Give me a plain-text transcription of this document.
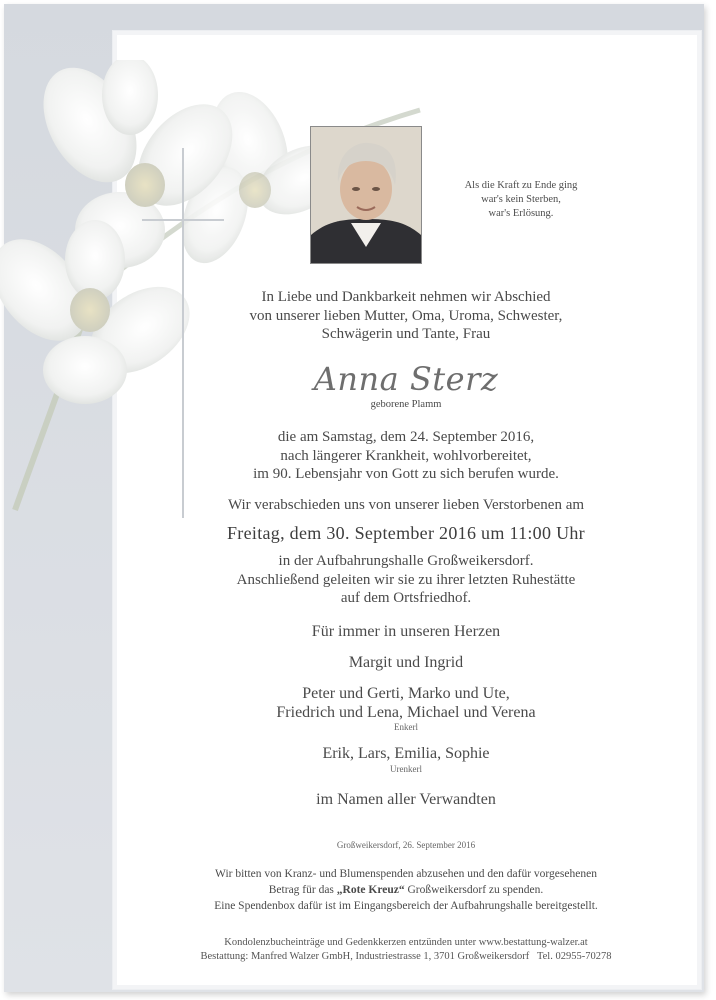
Als die Kraft zu Ende ging
war's kein Sterben,
war's Erlösung.

In Liebe und Dankbarkeit nehmen wir Abschied

von unserer lieben Mutter, Oma, Uroma, Schwester,

Schwägerin und Tante, Frau

Anna Sterz

geborene Plamm

die am Samstag, dem 24. September 2016,

nach längerer Krankheit, wohlvorbereitet,

im 90. Lebensjahr von Gott zu sich berufen wurde.

Wir verabschieden uns von unserer lieben Verstorbenen am

Freitag, dem 30. September 2016 um 11:00 Uhr

in der Aufbahrungshalle Großweikersdorf.

Anschließend geleiten wir sie zu ihrer letzten Ruhestätte

auf dem Ortsfriedhof.

Für immer in unseren Herzen

Margit und Ingrid

Peter und Gerti, Marko und Ute,

Friedrich und Lena, Michael und Verena

Enkerl

Erik, Lars, Emilia, Sophie

Urenkerl

im Namen aller Verwandten

Großweikersdorf, 26. September 2016

Wir bitten von Kranz- und Blumenspenden abzusehen und den dafür vorgesehenen

Betrag für das „Rote Kreuz“ Großweikersdorf zu spenden.

Eine Spendenbox dafür ist im Eingangsbereich der Aufbahrungshalle bereitgestellt.

Kondolenzbucheinträge und Gedenkkerzen entzünden unter www.bestattung-walzer.at

Bestattung: Manfred Walzer GmbH, Industriestrasse 1, 3701 Großweikersdorf   Tel. 02955-70278
